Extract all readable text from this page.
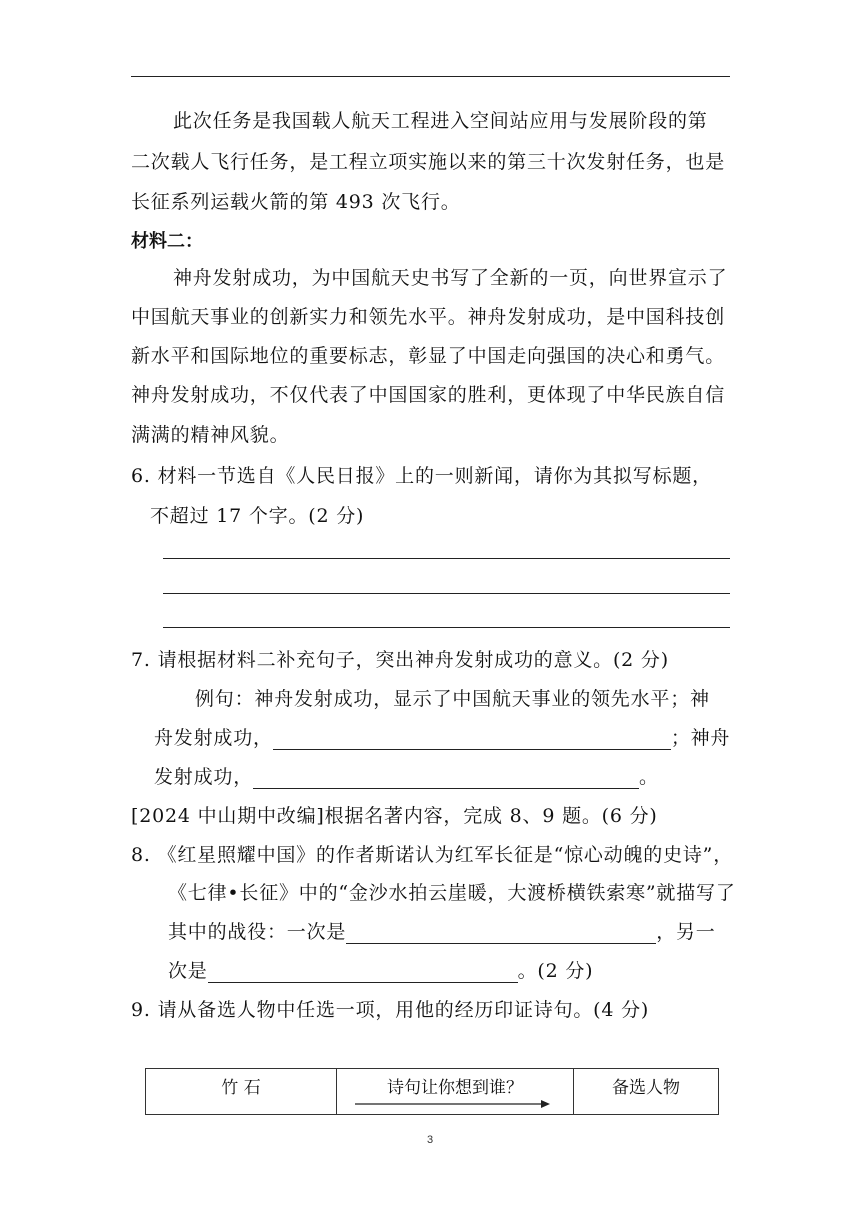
此次任务是我国载人航天工程进入空间站应用与发展阶段的第
二次载人飞行任务，是工程立项实施以来的第三十次发射任务，也是
长征系列运载火箭的第 493 次飞行。
材料二：
神舟发射成功，为中国航天史书写了全新的一页，向世界宣示了
中国航天事业的创新实力和领先水平。神舟发射成功，是中国科技创
新水平和国际地位的重要标志，彰显了中国走向强国的决心和勇气。
神舟发射成功，不仅代表了中国国家的胜利，更体现了中华民族自信
满满的精神风貌。
6. 材料一节选自《人民日报》上的一则新闻，请你为其拟写标题，
不超过 17 个字。(2 分)
7. 请根据材料二补充句子，突出神舟发射成功的意义。(2 分)
例句：神舟发射成功，显示了中国航天事业的领先水平；神
舟发射成功，	；神舟
发射成功，	。
[2024 中山期中改编]根据名著内容，完成 8、9 题。(6 分)
8. 《红星照耀中国》的作者斯诺认为红军长征是“惊心动魄的史诗”，
《七律•长征》中的“金沙水拍云崖暖，大渡桥横铁索寒”就描写了
其中的战役：一次是	，另一
次是	。(2 分)
9. 请从备选人物中任选一项，用他的经历印证诗句。(4 分)
竹 石	诗句让你想到谁？	备选人物
3
